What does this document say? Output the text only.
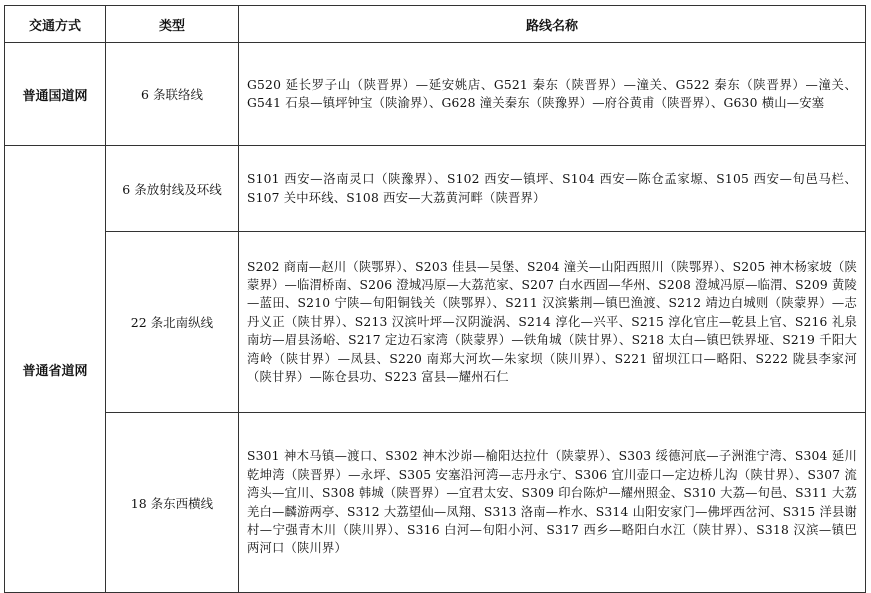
交通方式	类型	路线名称
普通国道网	6 条联络线	G520 延长罗子山（陕晋界）—延安姚店、G521 秦东（陕晋界）—潼关、G522 秦东（陕晋界）—潼关、G541 石泉—镇坪钟宝（陕渝界）、G628 潼关秦东（陕豫界）—府谷黄甫（陕晋界）、G630 横山—安塞
普通省道网	6 条放射线及环线	S101 西安—洛南灵口（陕豫界）、S102 西安—镇坪、S104 西安—陈仓孟家塬、S105 西安—旬邑马栏、S107 关中环线、S108 西安—大荔黄河畔（陕晋界）
	22 条北南纵线	S202 商南—赵川（陕鄂界）、S203 佳县—吴堡、S204 潼关—山阳西照川（陕鄂界）、S205 神木杨家坡（陕蒙界）—临渭桥南、S206 澄城冯原—大荔范家、S207 白水西固—华州、S208 澄城冯原—临渭、S209 黄陵—蓝田、S210 宁陕—旬阳铜钱关（陕鄂界）、S211 汉滨紫荆—镇巴渔渡、S212 靖边白城则（陕蒙界）—志丹义正（陕甘界）、S213 汉滨叶坪—汉阴漩涡、S214 淳化—兴平、S215 淳化官庄—乾县上官、S216 礼泉南坊—眉县汤峪、S217 定边石家湾（陕蒙界）—铁角城（陕甘界）、S218 太白—镇巴铁界垭、S219 千阳大湾岭（陕甘界）—凤县、S220 南郑大河坎—朱家坝（陕川界）、S221 留坝江口—略阳、S222 陇县李家河（陕甘界）—陈仓县功、S223 富县—耀州石仁
	18 条东西横线	S301 神木马镇—渡口、S302 神木沙峁—榆阳达拉什（陕蒙界）、S303 绥德河底—子洲淮宁湾、S304 延川乾坤湾（陕晋界）—永坪、S305 安塞沿河湾—志丹永宁、S306 宜川壶口—定边桥儿沟（陕甘界）、S307 流湾头—宜川、S308 韩城（陕晋界）—宜君太安、S309 印台陈炉—耀州照金、S310 大荔—旬邑、S311 大荔羌白—麟游两亭、S312 大荔望仙—凤翔、S313 洛南—柞水、S314 山阳安家门—佛坪西岔河、S315 洋县谢村—宁强青木川（陕川界）、S316 白河—旬阳小河、S317 西乡—略阳白水江（陕甘界）、S318 汉滨—镇巴两河口（陕川界）
